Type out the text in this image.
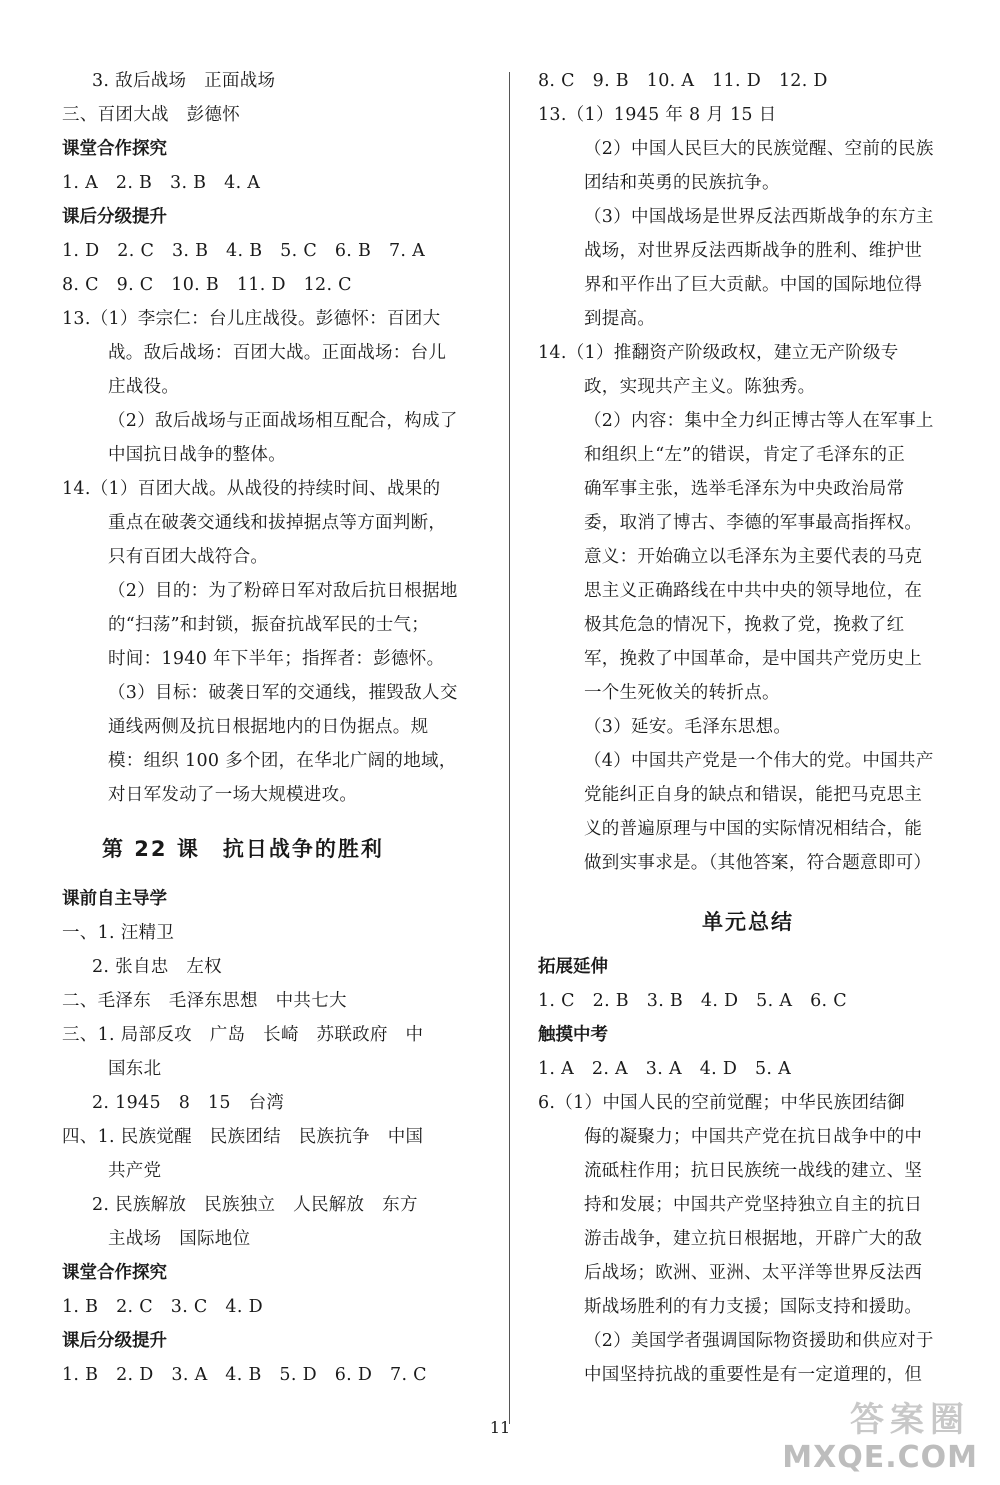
3. 敌后战场　正面战场
三、百团大战　彭德怀
课堂合作探究
1. A　2. B　3. B　4. A
课后分级提升
1. D　2. C　3. B　4. B　5. C　6. B　7. A
8. C　9. C　10. B　11. D　12. C
13.（1）李宗仁：台儿庄战役。彭德怀：百团大
战。敌后战场：百团大战。正面战场：台儿
庄战役。
（2）敌后战场与正面战场相互配合，构成了
中国抗日战争的整体。
14.（1）百团大战。从战役的持续时间、战果的
重点在破袭交通线和拔掉据点等方面判断，
只有百团大战符合。
（2）目的：为了粉碎日军对敌后抗日根据地
的“扫荡”和封锁，振奋抗战军民的士气；
时间：1940 年下半年；指挥者：彭德怀。
（3）目标：破袭日军的交通线，摧毁敌人交
通线两侧及抗日根据地内的日伪据点。规
模：组织 100 多个团，在华北广阔的地域，
对日军发动了一场大规模进攻。
第 22 课　抗日战争的胜利
课前自主导学
一、1. 汪精卫
2. 张自忠　左权
二、毛泽东　毛泽东思想　中共七大
三、1. 局部反攻　广岛　长崎　苏联政府　中
国东北
2. 1945　8　15　台湾
四、1. 民族觉醒　民族团结　民族抗争　中国
共产党
2. 民族解放　民族独立　人民解放　东方
主战场　国际地位
课堂合作探究
1. B　2. C　3. C　4. D
课后分级提升
1. B　2. D　3. A　4. B　5. D　6. D　7. C
8. C　9. B　10. A　11. D　12. D
13.（1）1945 年 8 月 15 日
（2）中国人民巨大的民族觉醒、空前的民族
团结和英勇的民族抗争。
（3）中国战场是世界反法西斯战争的东方主
战场，对世界反法西斯战争的胜利、维护世
界和平作出了巨大贡献。中国的国际地位得
到提高。
14.（1）推翻资产阶级政权，建立无产阶级专
政，实现共产主义。陈独秀。
（2）内容：集中全力纠正博古等人在军事上
和组织上“左”的错误，肯定了毛泽东的正
确军事主张，选举毛泽东为中央政治局常
委，取消了博古、李德的军事最高指挥权。
意义：开始确立以毛泽东为主要代表的马克
思主义正确路线在中共中央的领导地位，在
极其危急的情况下，挽救了党，挽救了红
军，挽救了中国革命，是中国共产党历史上
一个生死攸关的转折点。
（3）延安。毛泽东思想。
（4）中国共产党是一个伟大的党。中国共产
党能纠正自身的缺点和错误，能把马克思主
义的普遍原理与中国的实际情况相结合，能
做到实事求是。（其他答案，符合题意即可）
单元总结
拓展延伸
1. C　2. B　3. B　4. D　5. A　6. C
触摸中考
1. A　2. A　3. A　4. D　5. A
6.（1）中国人民的空前觉醒；中华民族团结御
侮的凝聚力；中国共产党在抗日战争中的中
流砥柱作用；抗日民族统一战线的建立、坚
持和发展；中国共产党坚持独立自主的抗日
游击战争，建立抗日根据地，开辟广大的敌
后战场；欧洲、亚洲、太平洋等世界反法西
斯战场胜利的有力支援；国际支持和援助。
（2）美国学者强调国际物资援助和供应对于
中国坚持抗战的重要性是有一定道理的，但
11	答案圈
MXQE.COM
